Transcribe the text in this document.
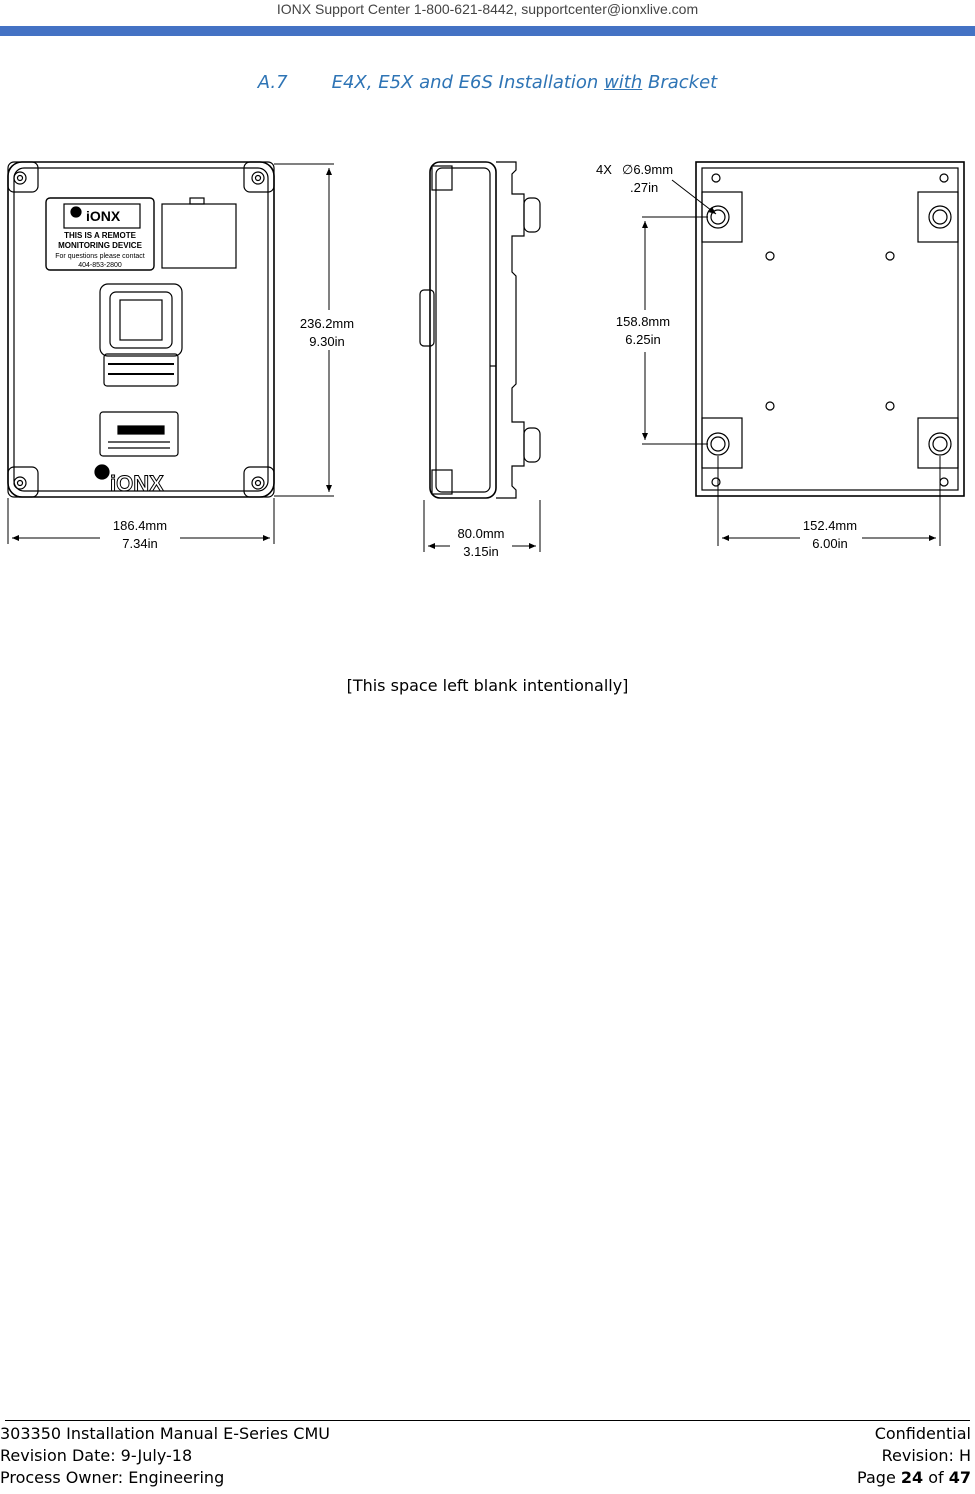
IONX Support Center 1-800-621-8442, supportcenter@ionxlive.com
A.7 E4X, E5X and E6S Installation with Bracket
iONX
THIS IS A REMOTE
MONITORING DEVICE
For questions please contact
404-853-2800
iONX
236.2mm
9.30in
186.4mm
7.34in
80.0mm
3.15in
4X ∅6.9mm
.27in
158.8mm
6.25in
152.4mm
6.00in
[This space left blank intentionally]
303350 Installation Manual E-Series CMU	Confidential
Revision Date: 9-July-18	Revision: H
Process Owner: Engineering	Page 24 of 47
